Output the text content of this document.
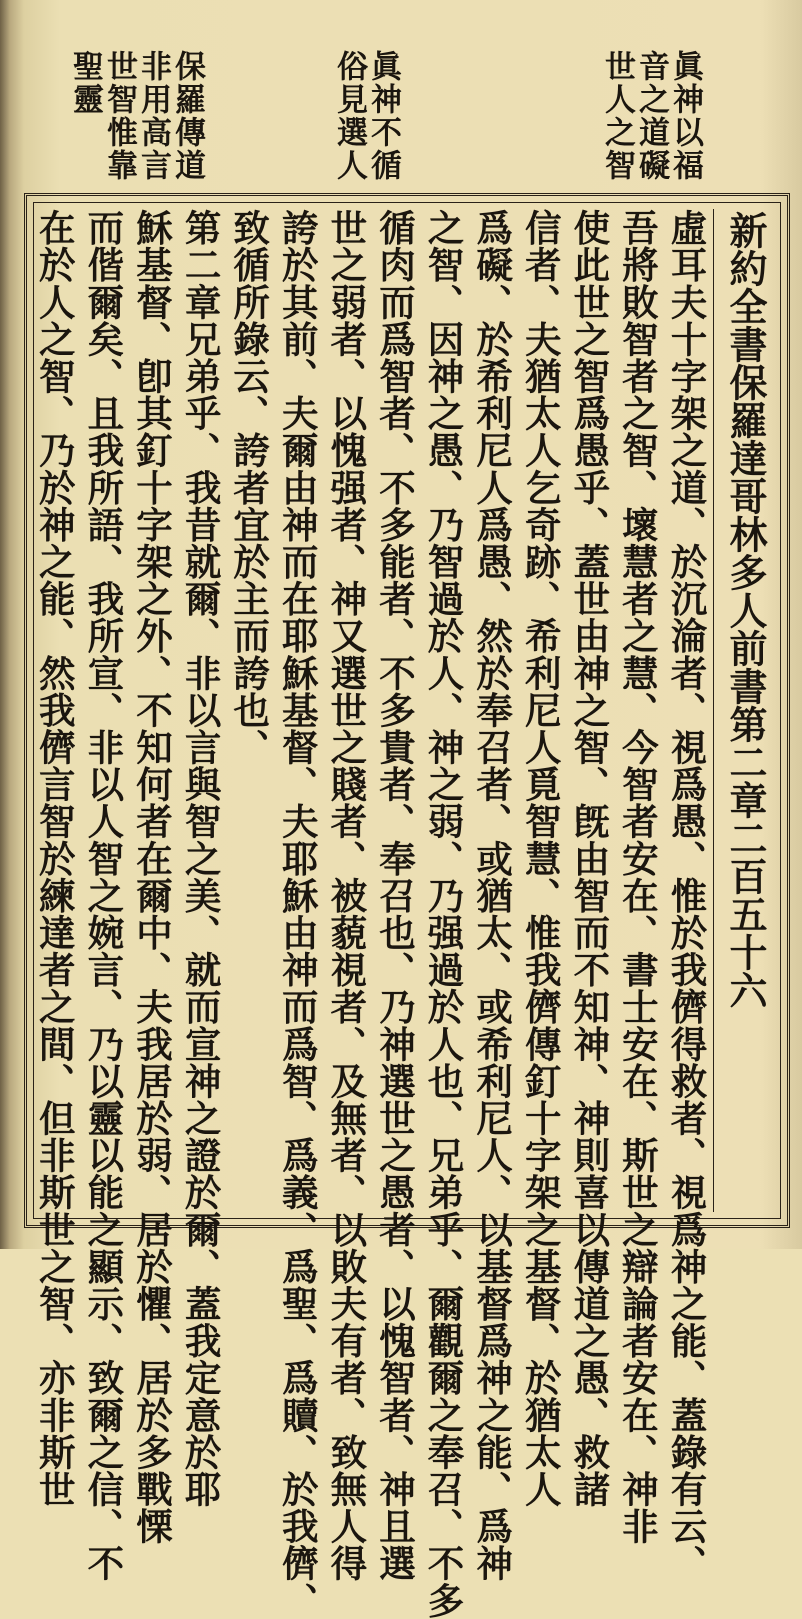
眞神以福
音之道礙
世人之智
眞神不循
俗見選人
保羅傳道
非用高言
世智惟靠
聖靈
新約全書保羅達哥林多人前書第二章二百五十六
虛耳夫十字架之道、於沉淪者、視爲愚、惟於我儕得救者、視爲神之能、蓋錄有云、
吾將敗智者之智、壞慧者之慧、今智者安在、書士安在、斯世之辯論者安在、神非
使此世之智爲愚乎、蓋世由神之智、旣由智而不知神、神則喜以傳道之愚、救諸
信者、夫猶太人乞奇跡、希利尼人覓智慧、惟我儕傳釘十字架之基督、於猶太人
爲礙、於希利尼人爲愚、然於奉召者、或猶太、或希利尼人、以基督爲神之能、爲神
之智、因神之愚、乃智過於人、神之弱、乃强過於人也、兄弟乎、爾觀爾之奉召、不多
循肉而爲智者、不多能者、不多貴者、奉召也、乃神選世之愚者、以愧智者、神且選
世之弱者、以愧强者、神又選世之賤者、被藐視者、及無者、以敗夫有者、致無人得
誇於其前、夫爾由神而在耶穌基督、夫耶穌由神而爲智、爲義、爲聖、爲贖、於我儕、
致循所錄云、誇者宜於主而誇也、
第二章兄弟乎、我昔就爾、非以言與智之美、就而宣神之證於爾、蓋我定意於耶
穌基督、卽其釘十字架之外、不知何者在爾中、夫我居於弱、居於懼、居於多戰慄
而偕爾矣、且我所語、我所宣、非以人智之婉言、乃以靈以能之顯示、致爾之信、不
在於人之智、乃於神之能、然我儕言智於練達者之間、但非斯世之智、亦非斯世
